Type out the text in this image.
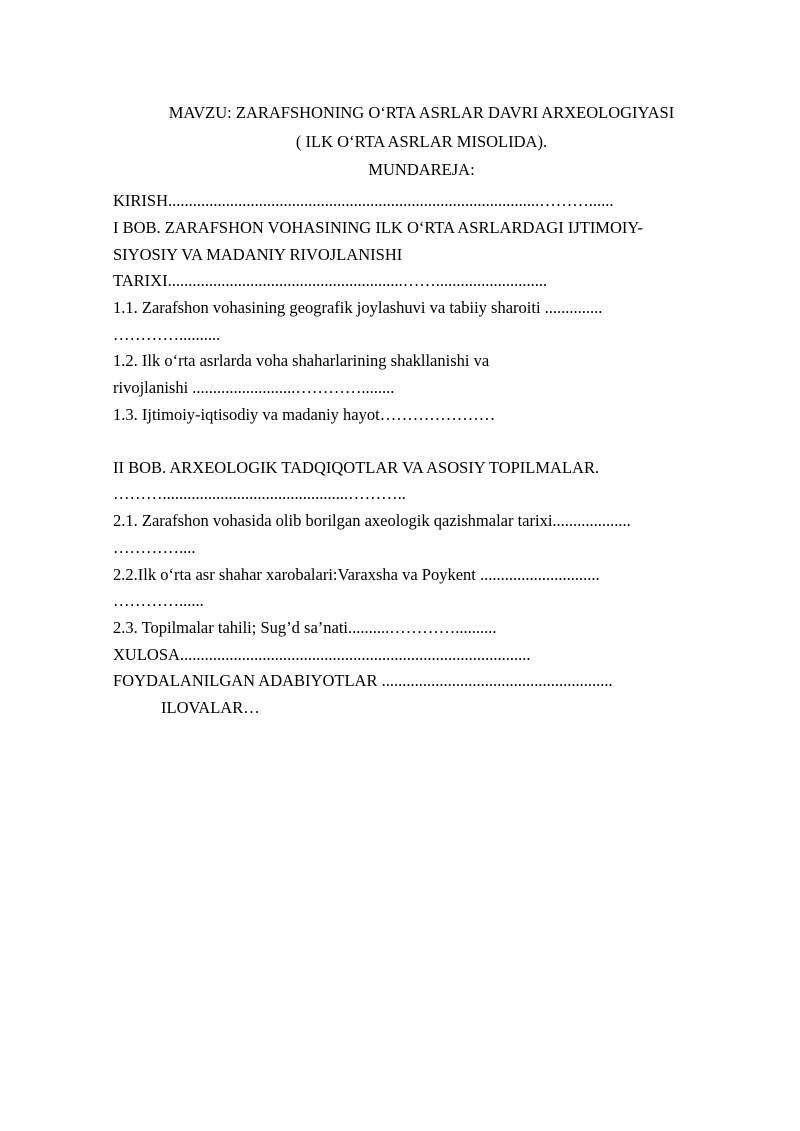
MAVZU: ZARAFSHONING O‘RTA ASRLAR DAVRI ARXEOLOGIYASI
( ILK O‘RTA ASRLAR MISOLIDA).
MUNDAREJA:
KIRISH..........................................................................................………......
I BOB. ZARAFSHON VOHASINING ILK O‘RTA ASRLARDAGI IJTIMOIY-
SIYOSIY VA MADANIY RIVOJLANISHI
TARIXI.........................................................……...........................
1.1. Zarafshon vohasining geografik joylashuvi va tabiiy sharoiti ..............
…………..........
1.2. Ilk o‘rta asrlarda voha shaharlarining shakllanishi va
rivojlanishi .........................…………........
1.3. Ijtimoiy-iqtisodiy va madaniy hayot…………………
II BOB. ARXEOLOGIK TADQIQOTLAR VA ASOSIY TOPILMALAR.
……….............................................………..
2.1. Zarafshon vohasida olib borilgan axeologik qazishmalar tarixi...................
…………....
2.2.Ilk o‘rta asr shahar xarobalari:Varaxsha va Poykent .............................
…………......
2.3. Topilmalar tahili; Sug’d sa’nati..........…………..........
XULOSA.....................................................................................
FOYDALANILGAN ADABIYOTLAR ........................................................
ILOVALAR…
